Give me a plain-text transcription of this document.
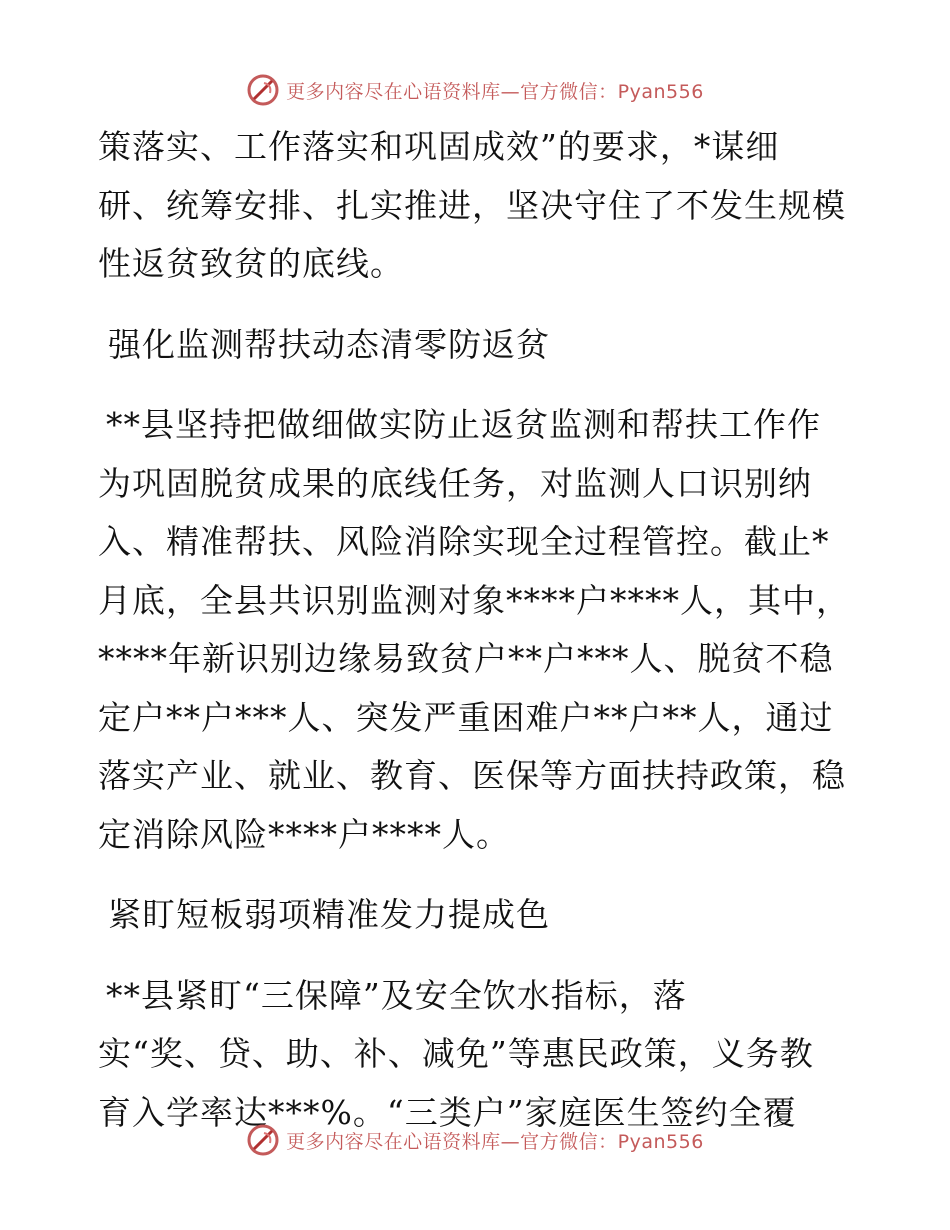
更多内容尽在心语资料库—官方微信：Pyan556
策落实、工作落实和巩固成效”的要求，*谋细
研、统筹安排、扎实推进，坚决守住了不发生规模
性返贫致贫的底线。
强化监测帮扶动态清零防返贫
**县坚持把做细做实防止返贫监测和帮扶工作作
为巩固脱贫成果的底线任务，对监测人口识别纳
入、精准帮扶、风险消除实现全过程管控。截止*
月底，全县共识别监测对象****户****人，其中，
****年新识别边缘易致贫户**户***人、脱贫不稳
定户**户***人、突发严重困难户**户**人，通过
落实产业、就业、教育、医保等方面扶持政策，稳
定消除风险****户****人。
紧盯短板弱项精准发力提成色
**县紧盯“三保障”及安全饮水指标，落
实“奖、贷、助、补、减免”等惠民政策，义务教
育入学率达***%。“三类户”家庭医生签约全覆
更多内容尽在心语资料库—官方微信：Pyan556
